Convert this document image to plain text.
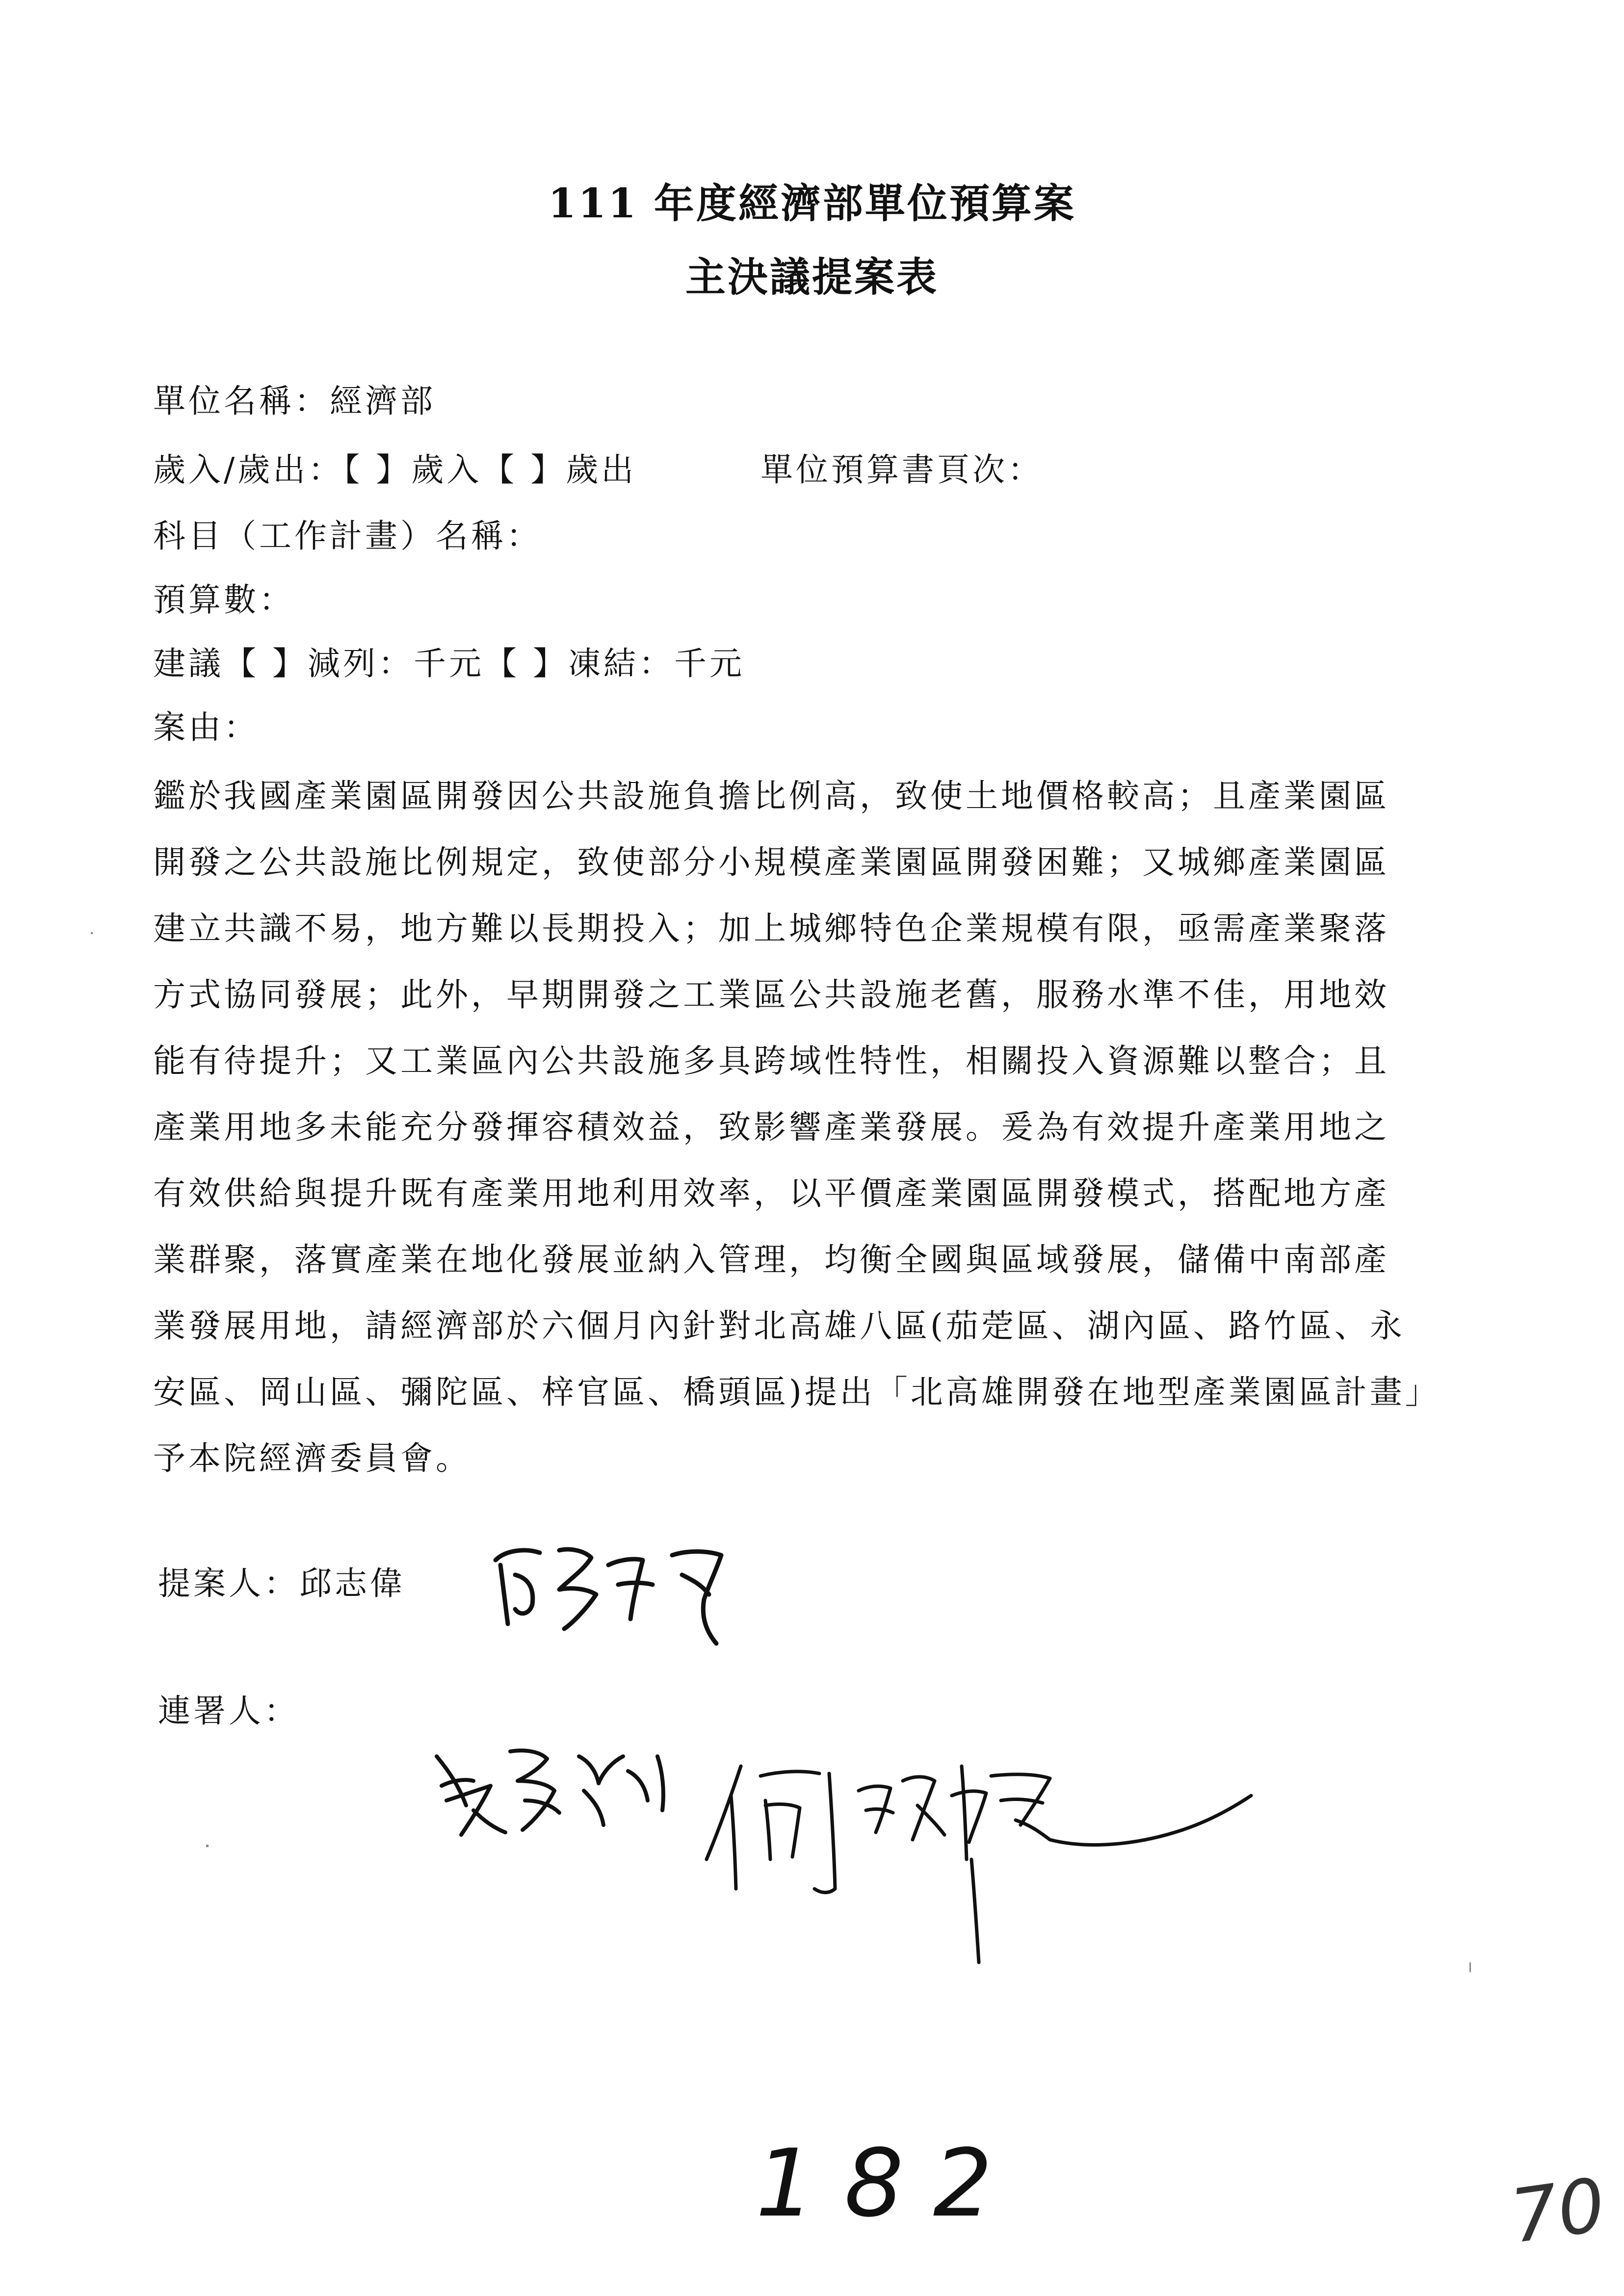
111 年度經濟部單位預算案
主決議提案表
單位名稱：經濟部
歲入/歲出：【 】歲入【 】歲出	單位預算書頁次：
科目（工作計畫）名稱：
預算數：
建議【 】減列：千元【 】凍結：千元
案由：
鑑於我國產業園區開發因公共設施負擔比例高，致使土地價格較高；且產業園區
開發之公共設施比例規定，致使部分小規模產業園區開發困難；又城鄉產業園區
建立共識不易，地方難以長期投入；加上城鄉特色企業規模有限，亟需產業聚落
方式協同發展；此外，早期開發之工業區公共設施老舊，服務水準不佳，用地效
能有待提升；又工業區內公共設施多具跨域性特性，相關投入資源難以整合；且
產業用地多未能充分發揮容積效益，致影響產業發展。爰為有效提升產業用地之
有效供給與提升既有產業用地利用效率，以平價產業園區開發模式，搭配地方產
業群聚，落實產業在地化發展並納入管理，均衡全國與區域發展，儲備中南部產
業發展用地，請經濟部於六個月內針對北高雄八區(茄萣區、湖內區、路竹區、永
安區、岡山區、彌陀區、梓官區、橋頭區)提出「北高雄開發在地型產業園區計畫」
予本院經濟委員會。
提案人：邱志偉
連署人：
182	70
